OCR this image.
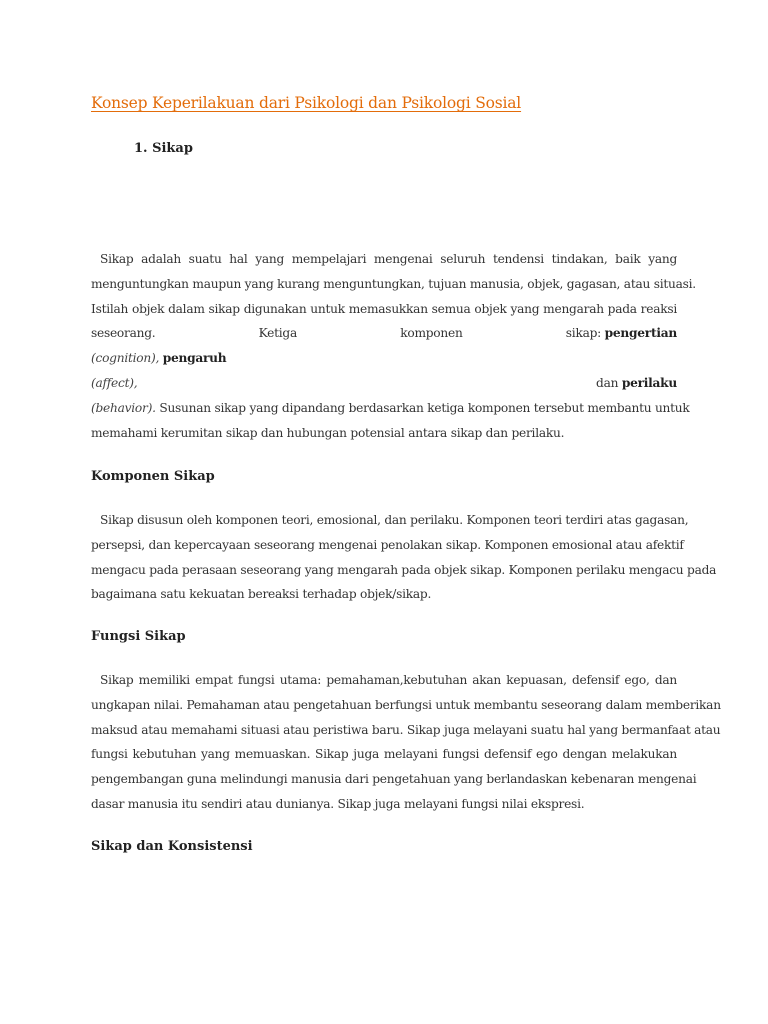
Konsep Keperilakuan dari Psikologi dan Psikologi Sosial
1. Sikap
Sikap adalah suatu hal yang mempelajari mengenai seluruh tendensi tindakan, baik yang
menguntungkan maupun yang kurang menguntungkan, tujuan manusia, objek, gagasan, atau situasi.
Istilah objek dalam sikap digunakan untuk memasukkan semua objek yang mengarah pada reaksi
seseorang.	Ketiga	komponen	sikap: pengertian
(cognition),
pengaruh
(affect),	dan perilaku
(behavior). Susunan sikap yang dipandang berdasarkan ketiga komponen tersebut membantu untuk
memahami kerumitan sikap dan hubungan potensial antara sikap dan perilaku.
Komponen Sikap
Sikap disusun oleh komponen teori, emosional, dan perilaku. Komponen teori terdiri atas gagasan,
persepsi, dan kepercayaan seseorang mengenai penolakan sikap. Komponen emosional atau afektif
mengacu pada perasaan seseorang yang mengarah pada objek sikap. Komponen perilaku mengacu pada
bagaimana satu kekuatan bereaksi terhadap objek/sikap.
Fungsi Sikap
Sikap memiliki empat fungsi utama: pemahaman,kebutuhan akan kepuasan, defensif ego, dan
ungkapan nilai. Pemahaman atau pengetahuan berfungsi untuk membantu seseorang dalam memberikan
maksud atau memahami situasi atau peristiwa baru. Sikap juga melayani suatu hal yang bermanfaat atau
fungsi kebutuhan yang memuaskan. Sikap juga melayani fungsi defensif ego dengan melakukan
pengembangan guna melindungi manusia dari pengetahuan yang berlandaskan kebenaran mengenai
dasar manusia itu sendiri atau dunianya. Sikap juga melayani fungsi nilai ekspresi.
Sikap dan Konsistensi
